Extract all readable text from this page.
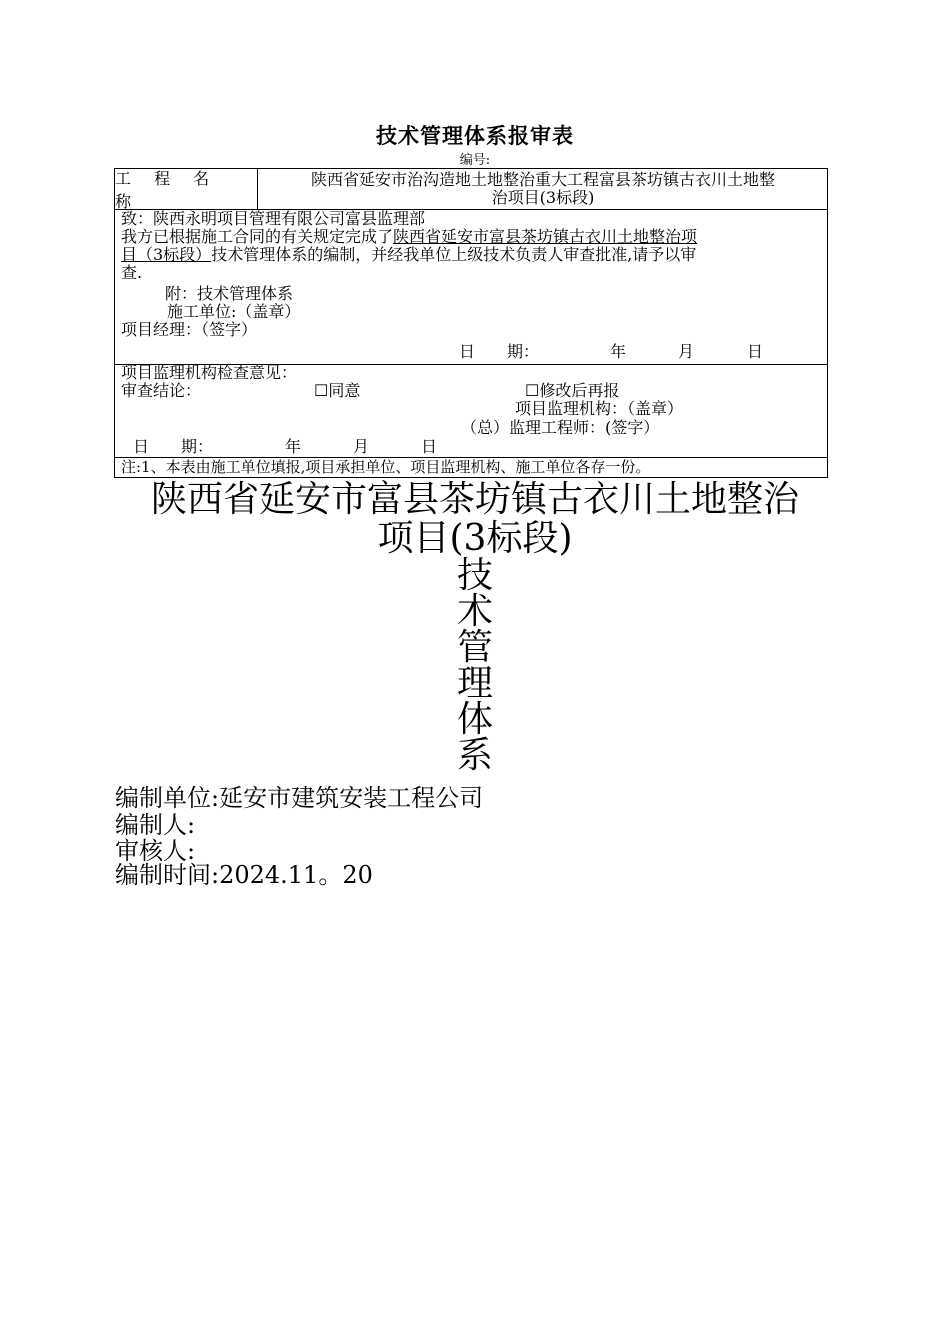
技术管理体系报审表
编号:
工 程 名 称
陕西省延安市治沟造地土地整治重大工程富县茶坊镇古衣川土地整
治项目(3标段)
致：陕西永明项目管理有限公司富县监理部
我方已根据施工合同的有关规定完成了陕西省延安市富县茶坊镇古衣川土地整治项
目（3标段）技术管理体系的编制，并经我单位上级技术负责人审查批准,请予以审
查.
附：技术管理体系
施工单位:（盖章）
项目经理：（签字）
日　　期：	年	月	日
项目监理机构检查意见：
审查结论：	☐同意	☐修改后再报
项目监理机构：（盖章）
（总）监理工程师：(签字）
日　　期：	年	月	日
注:1、本表由施工单位填报,项目承担单位、项目监理机构、施工单位各存一份。
陕西省延安市富县茶坊镇古衣川土地整治
项目(3标段)
技
术
管
理
体
系
编制单位:延安市建筑安装工程公司
编制人:
审核人:
编制时间:2024.11。20
